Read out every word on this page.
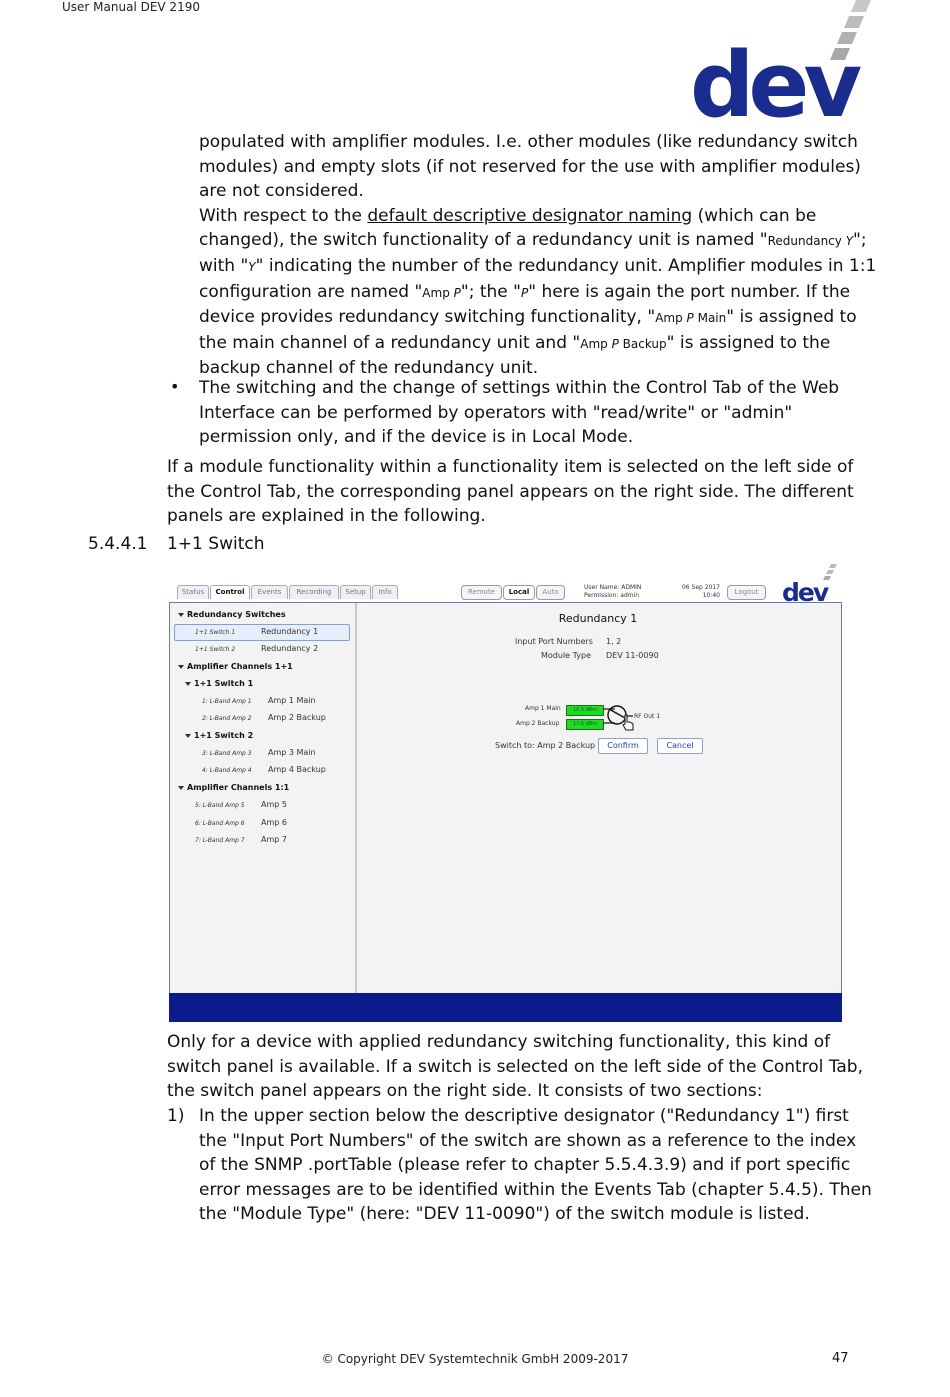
User Manual DEV 2190
dev
populated with amplifier modules. I.e. other modules (like redundancy switch
modules) and empty slots (if not reserved for the use with amplifier modules)
are not considered.
With respect to the default descriptive designator naming (which can be
changed), the switch functionality of a redundancy unit is named "Redundancy Y";
with "Y" indicating the number of the redundancy unit. Amplifier modules in 1:1
configuration are named "Amp P"; the "P" here is again the port number. If the
device provides redundancy switching functionality, "Amp P Main" is assigned to
the main channel of a redundancy unit and "Amp P Backup" is assigned to the
backup channel of the redundancy unit.
• The switching and the change of settings within the Control Tab of the Web
Interface can be performed by operators with "read/write" or "admin"
permission only, and if the device is in Local Mode.
If a module functionality within a functionality item is selected on the left side of
the Control Tab, the corresponding panel appears on the right side. The different
panels are explained in the following.
5.4.4.1 1+1 Switch
Status	Control	Events	Recording	Setup	Info	Remote	Local	Auto
User Name: ADMIN
Permission: admin
06 Sep 2017
10:40	Logout dev
Redundancy Switches
1+1 Switch 1	Redundancy 1
1+1 Switch 2	Redundancy 2
Amplifier Channels 1+1
1+1 Switch 1
1: L-Band Amp 1 Amp 1 Main
2: L-Band Amp 2 Amp 2 Backup
1+1 Switch 2
3: L-Band Amp 3 Amp 3 Main
4: L-Band Amp 4 Amp 4 Backup
Amplifier Channels 1:1
5: L-Band Amp 5 Amp 5
6: L-Band Amp 6 Amp 6
7: L-Band Amp 7 Amp 7
Redundancy 1
Input Port Numbers 1, 2
Module Type DEV 11-0090
Amp 1 Main	10.5 dBm
Amp 2 Backup	17.6 dBm
RF Out 1
Switch to: Amp 2 Backup	Confirm	Cancel
Only for a device with applied redundancy switching functionality, this kind of
switch panel is available. If a switch is selected on the left side of the Control Tab,
the switch panel appears on the right side. It consists of two sections:
1) In the upper section below the descriptive designator ("Redundancy 1") first
the "Input Port Numbers" of the switch are shown as a reference to the index
of the SNMP .portTable (please refer to chapter 5.5.4.3.9) and if port specific
error messages are to be identified within the Events Tab (chapter 5.4.5). Then
the "Module Type" (here: "DEV 11-0090") of the switch module is listed.
© Copyright DEV Systemtechnik GmbH 2009-2017	47
